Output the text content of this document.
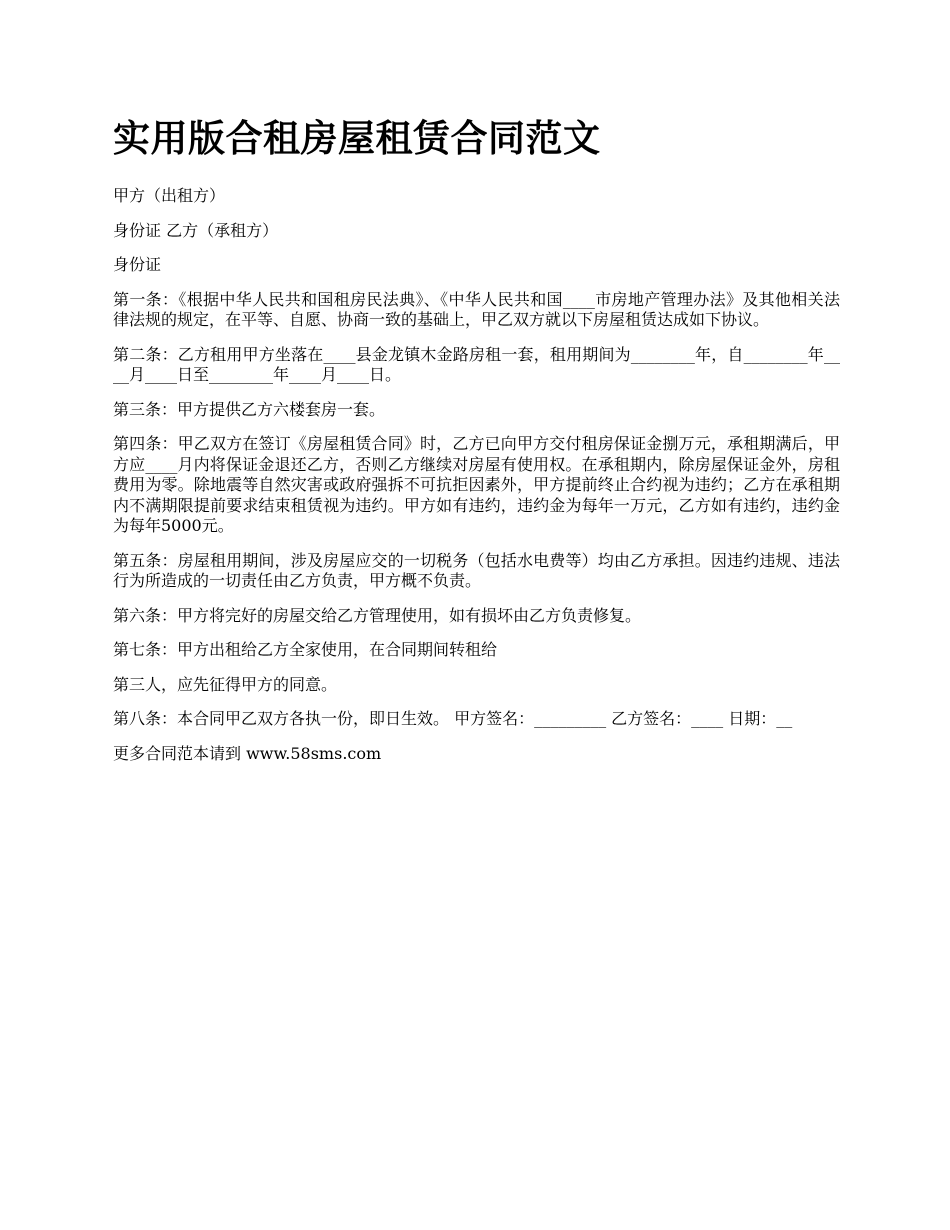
实用版合租房屋租赁合同范文

甲方（出租方）

身份证 乙方（承租方）

身份证

第一条：《根据中华人民共和国租房民法典》、《中华人民共和国____市房地产管理办法》及其他相关法律法规的规定，在平等、自愿、协商一致的基础上，甲乙双方就以下房屋租赁达成如下协议。

第二条：乙方租用甲方坐落在____县金龙镇木金路房租一套，租用期间为________年，自________年____月____日至________年____月____日。

第三条：甲方提供乙方六楼套房一套。

第四条：甲乙双方在签订《房屋租赁合同》时，乙方已向甲方交付租房保证金捌万元，承租期满后，甲方应____月内将保证金退还乙方，否则乙方继续对房屋有使用权。在承租期内，除房屋保证金外，房租费用为零。除地震等自然灾害或政府强拆不可抗拒因素外，甲方提前终止合约视为违约；乙方在承租期内不满期限提前要求结束租赁视为违约。甲方如有违约，违约金为每年一万元，乙方如有违约，违约金为每年5000元。

第五条：房屋租用期间，涉及房屋应交的一切税务（包括水电费等）均由乙方承担。因违约违规、违法行为所造成的一切责任由乙方负责，甲方概不负责。

第六条：甲方将完好的房屋交给乙方管理使用，如有损坏由乙方负责修复。

第七条：甲方出租给乙方全家使用，在合同期间转租给

第三人，应先征得甲方的同意。

第八条：本合同甲乙双方各执一份，即日生效。 甲方签名：_________ 乙方签名：____ 日期：__

更多合同范本请到 www.58sms.com
